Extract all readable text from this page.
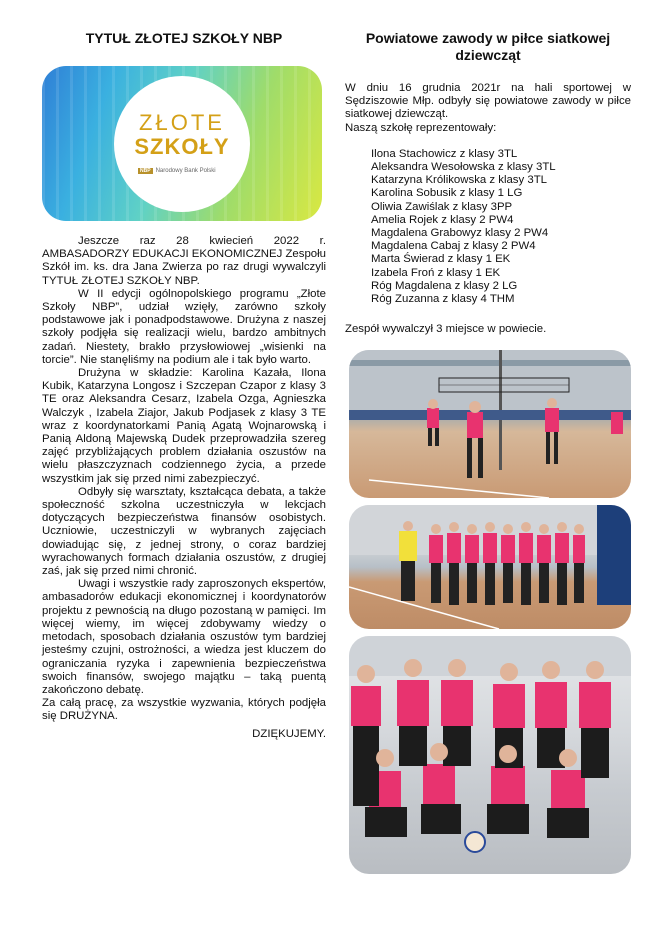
TYTUŁ ZŁOTEJ SZKOŁY NBP
ZŁOTE
SZKOŁY
NBP Narodowy Bank Polski

Jeszcze raz 28 kwiecień 2022 r. AMBASADORZY EDUKACJI EKONOMICZNEJ Zespołu Szkół im. ks. dra Jana Zwierza po raz drugi wywalczyli TYTUŁ ZŁOTEJ SZKOŁY NBP.

W II edycji ogólnopolskiego programu „Złote Szkoły NBP”, udział wzięły, zarówno szkoły podstawowe jak i ponadpodstawowe. Drużyna z naszej szkoły podjęła się realizacji wielu, bardzo ambitnych zadań. Niestety, brakło przysłowiowej „wisienki na torcie”. Nie stanęliśmy na podium ale i tak było warto.

Drużyna w składzie: Karolina Kazała, Ilona Kubik, Katarzyna Longosz i Szczepan Czapor z klasy 3 TE oraz Aleksandra Cesarz, Izabela Ozga, Agnieszka Walczyk , Izabela Ziajor, Jakub Podjasek z klasy 3 TE wraz z koordynatorkami Panią Agatą Wojnarowską i Panią Aldoną Majewską Dudek przeprowadziła szereg zajęć przybliżających problem działania oszustów na wielu płaszczyznach codziennego życia, a przede wszystkim jak się przed nimi zabezpieczyć.

Odbyły się warsztaty, kształcąca debata, a także społeczność szkolna uczestniczyła w lekcjach dotyczących bezpieczeństwa finansów osobistych. Uczniowie, uczestniczyli w wybranych zajęciach dowiadując się, z jednej strony, o coraz bardziej wyrachowanych formach działania oszustów, z drugiej zaś, jak się przed nimi chronić.

Uwagi i wszystkie rady zaproszonych ekspertów, ambasadorów edukacji ekonomicznej i koordynatorów projektu z pewnością na długo pozostaną w pamięci. Im więcej wiemy, im więcej zdobywamy wiedzy o metodach, sposobach działania oszustów tym bardziej jesteśmy czujni, ostrożności, a wiedza jest kluczem do ograniczania ryzyka i zapewnienia bezpieczeństwa swoich finansów, swojego majątku – taką puentą zakończono debatę.

Za całą pracę, za wszystkie wyzwania, których podjęła się DRUŻYNA.

DZIĘKUJEMY.

Powiatowe zawody w piłce siatkowej dziewcząt

W dniu 16 grudnia 2021r na hali sportowej w Sędziszowie Młp. odbyły się powiatowe zawody w piłce siatkowej dziewcząt.

Naszą szkołę reprezentowały:

Ilona Stachowicz z klasy 3TL
Aleksandra Wesołowska z klasy 3TL
Katarzyna Królikowska z klasy 3TL
Karolina Sobusik z klasy 1 LG
Oliwia Zawiślak z klasy 3PP
Amelia Rojek z klasy 2 PW4
Magdalena Grabowyz klasy 2 PW4
Magdalena Cabaj z klasy 2 PW4
Marta Świerad z klasy 1 EK
Izabela Froń z klasy 1 EK
Róg Magdalena z klasy 2 LG
Róg Zuzanna z klasy 4 THM
Zespół wywalczył 3 miejsce w powiecie.
